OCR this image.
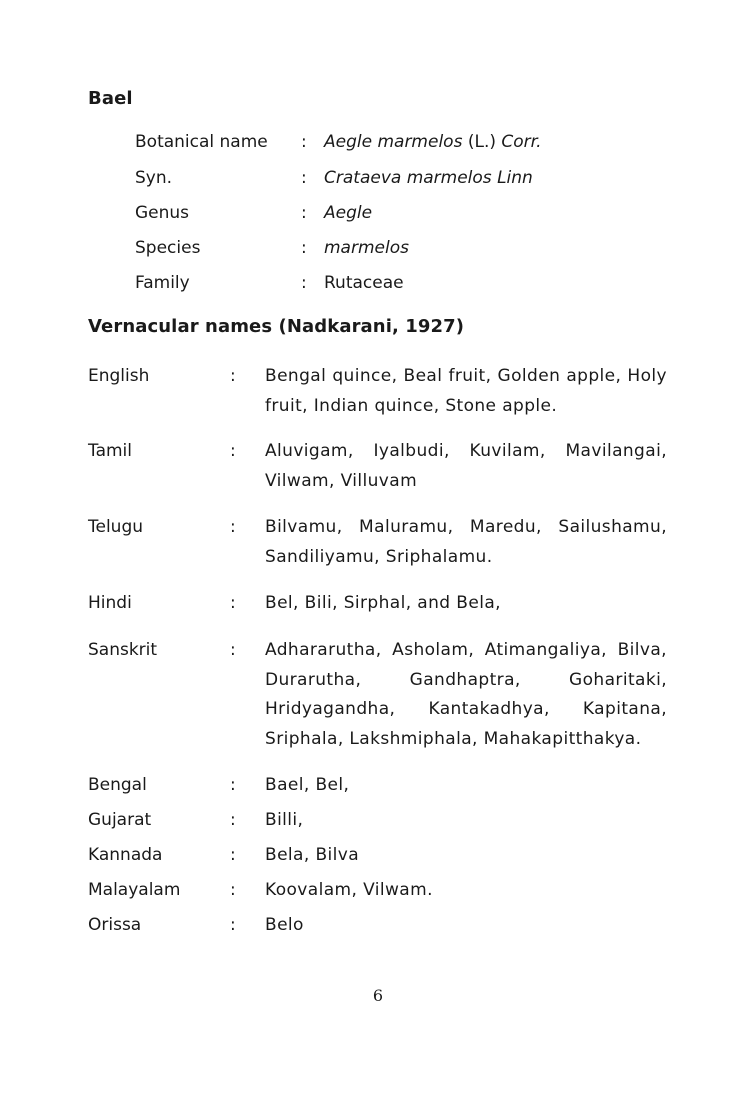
Bael
Botanical name : Aegle marmelos (L.) Corr.
Syn.	: Crataeva marmelos Linn
Genus	: Aegle
Species	: marmelos
Family	: Rutaceae
Vernacular names (Nadkarani, 1927)
English	: Bengal quince, Beal fruit, Golden apple, Holy fruit, Indian quince, Stone apple.
Tamil	: Aluvigam, Iyalbudi, Kuvilam, Mavilangai, Vilwam, Villuvam
Telugu	: Bilvamu, Maluramu, Maredu, Sailushamu, Sandiliyamu, Sriphalamu.
Hindi	: Bel, Bili, Sirphal, and Bela,
Sanskrit	: Adhararutha, Asholam, Atimangaliya, Bilva, Durarutha, Gandhaptra, Goharitaki, Hridyagandha, Kantakadhya, Kapitana, Sriphala, Lakshmiphala, Mahakapitthakya.
Bengal	: Bael, Bel,
Gujarat	: Billi,
Kannada	: Bela, Bilva
Malayalam	: Koovalam, Vilwam.
Orissa	: Belo
6
